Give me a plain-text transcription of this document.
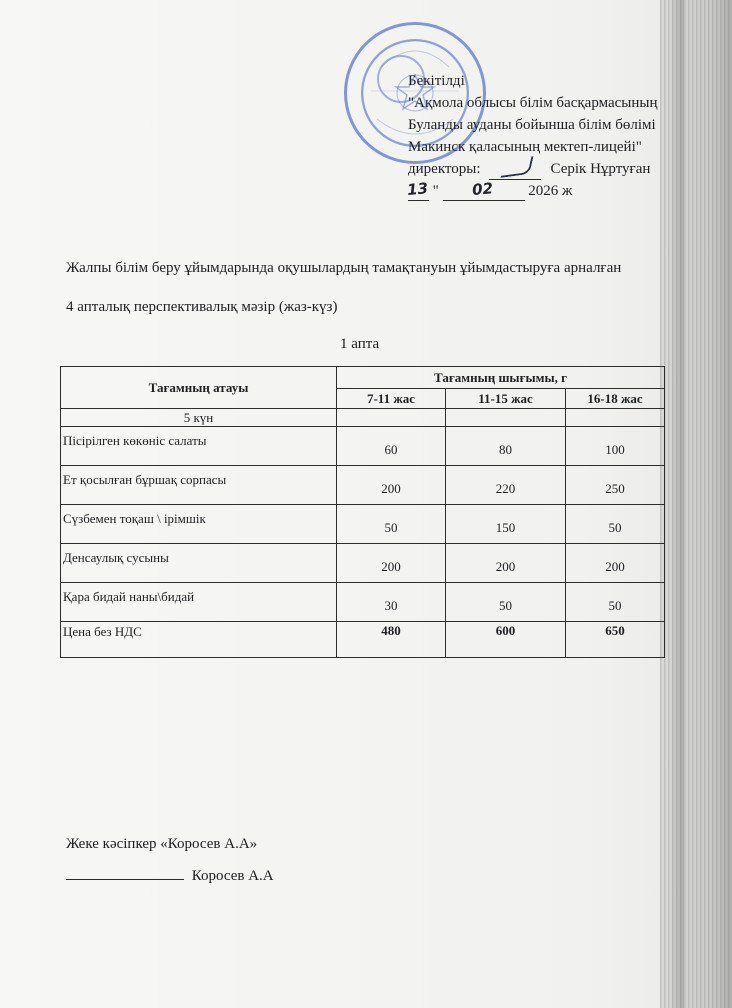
Бекітілді
"Ақмола облысы білім басқармасының
Буланды ауданы бойынша білім бөлімі
Макинск қаласының мектеп-лицейі"
директоры:	Серік Нұртуған
13 " 02 2026 ж
Жалпы білім беру ұйымдарында оқушылардың тамақтануын ұйымдастыруға арналған
4 апталық перспективалық мәзір (жаз-күз)
1 апта
Тағамның атауы	Тағамның шығымы, г		
	7-11 жас	11-15 жас	16-18 жас
5 күн			
Пісірілген көкөніс салаты	60	80	100
Ет қосылған бұршақ сорпасы	200	220	250
Сүзбемен тоқаш \ ірімшік	50	150	50
Денсаулық сусыны	200	200	200
Қара бидай наны\бидай	30	50	50
Цена без НДС	480	600	650
Жеке кәсіпкер «Коросев А.А»
Коросев А.А
